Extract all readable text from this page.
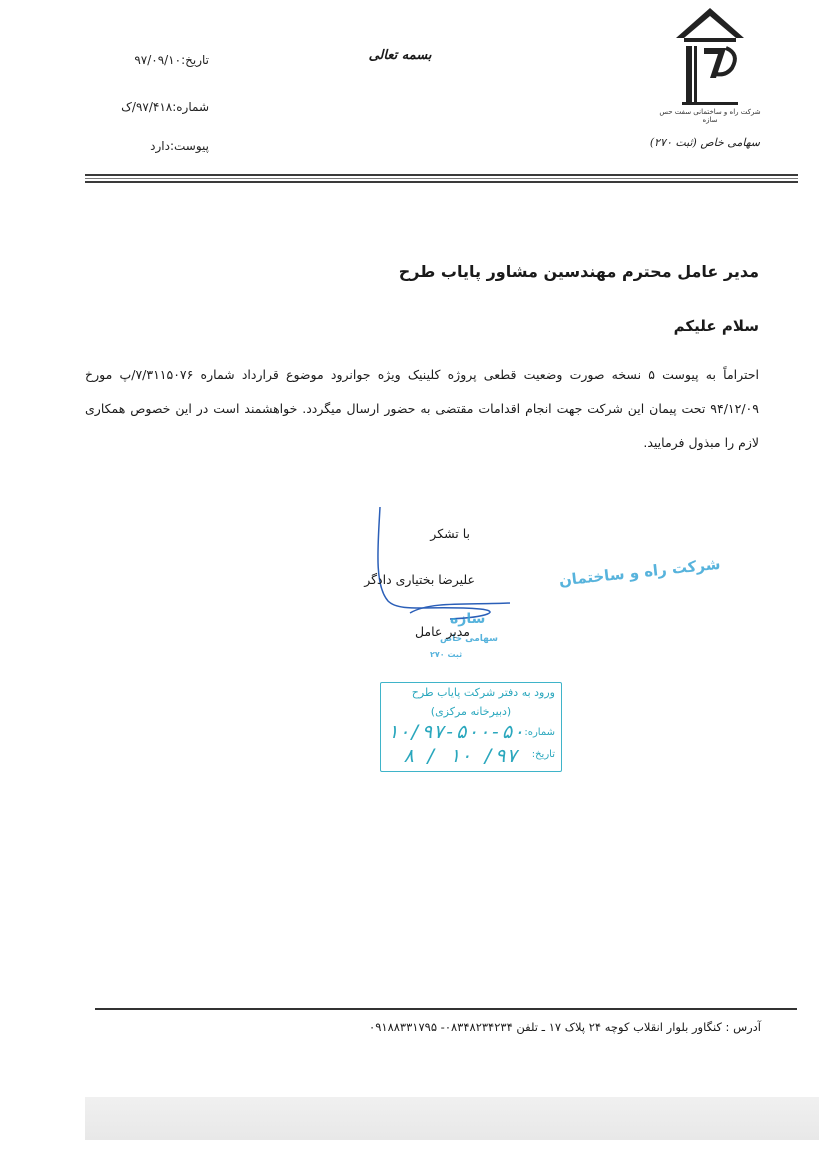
شرکت راه و ساختمانی سفت حس سازه
سهامی خاص (ثبت ۲۷۰)
بسمه تعالی
تاریخ:۹۷/۰۹/۱۰
شماره:۹۷/۴۱۸/ک
پیوست:دارد
مدیر عامل محترم مهندسین مشاور پایاب طرح
سلام علیکم
احتراماً به پیوست ۵ نسخه صورت وضعیت قطعی پروژه کلینیک ویژه جوانرود موضوع قرارداد شماره ۷/۳۱۱۵۰۷۶/پ مورخ ۹۴/۱۲/۰۹ تحت پیمان این شرکت جهت انجام اقدامات مقتضی به حضور ارسال میگردد. خواهشمند است در این خصوص همکاری لازم را مبذول فرمایید.
با تشکر
علیرضا بختیاری دادگر	شرکت راه و ساختمان
سازه
سهامی خاص
ثبت ۲۷۰
مدیر عامل
ورود به دفتر شرکت پایاب طرح
(دبیرخانه مرکزی)
شماره:
تاریخ:
۱۰/۹۷-۵۰۰-۵۰
۹۷/ ۱۰ / ۸
آدرس : کنگاور بلوار انقلاب کوچه ۲۴ پلاک ۱۷ ـ تلفن ۰۸۳۴۸۲۳۴۲۳۴- ۰۹۱۸۸۳۳۱۷۹۵
